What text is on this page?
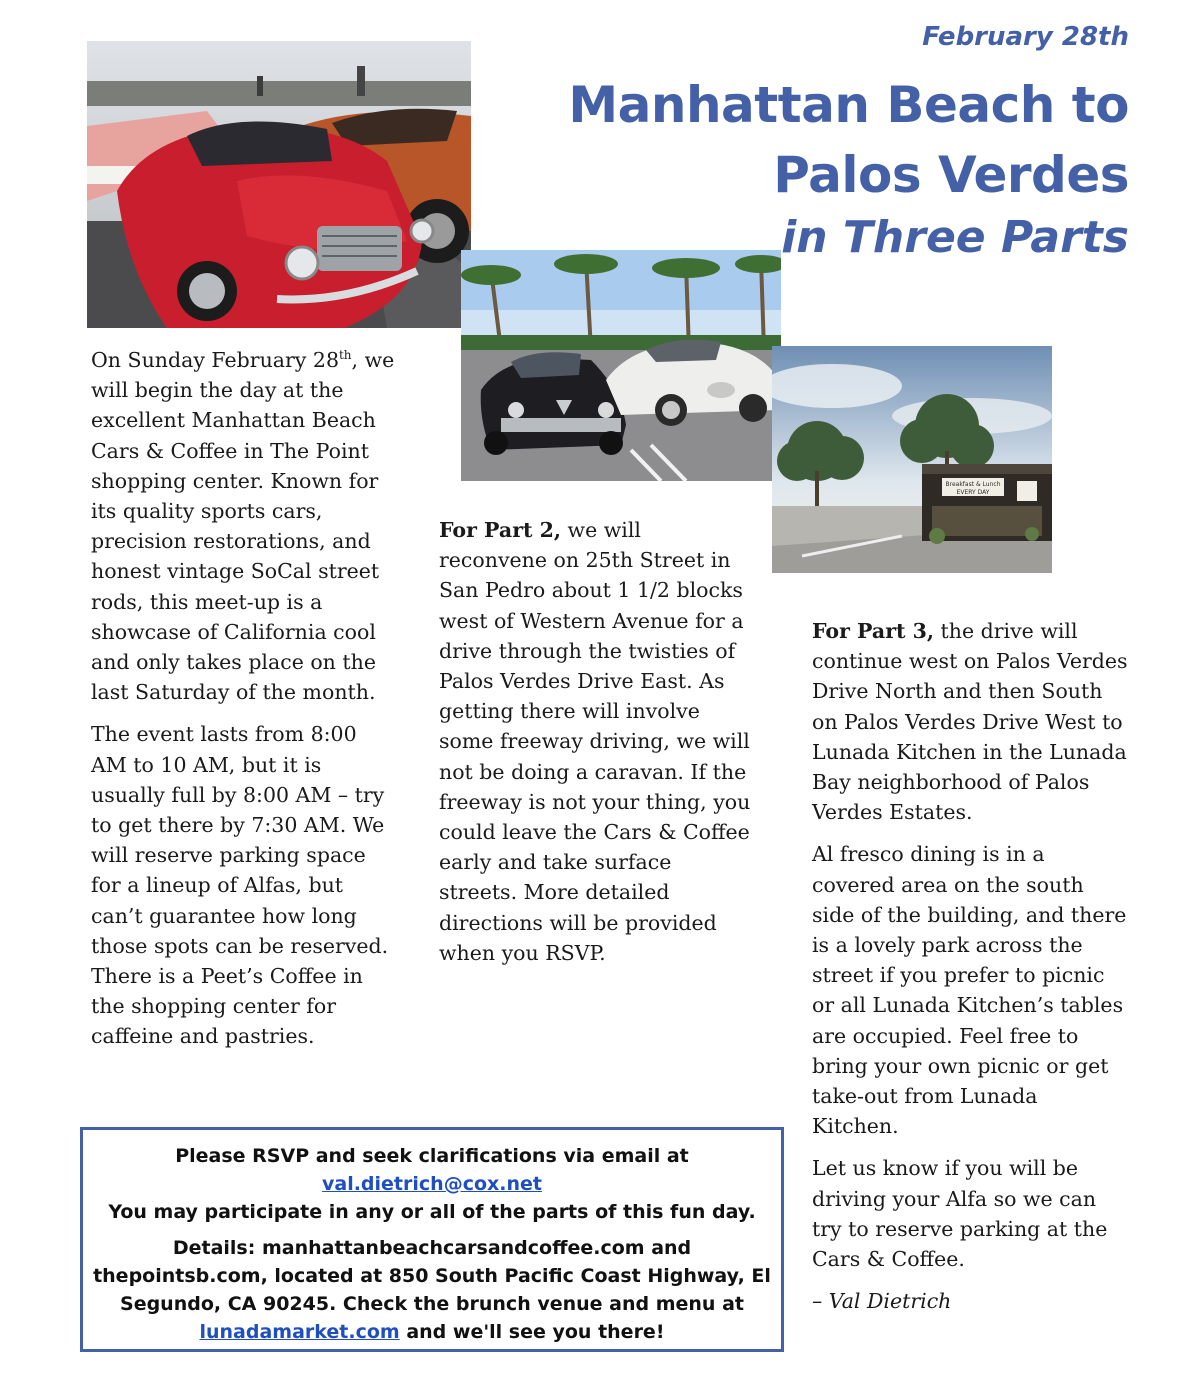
February 28th
Manhattan Beach to
Palos Verdes
in Three Parts
Breakfast & Lunch
EVERY DAY

On Sunday February 28th, we will begin the day at the excellent Manhattan Beach Cars & Coffee in The Point shopping center. Known for its quality sports cars, precision restorations, and honest vintage SoCal street rods, this meet-up is a showcase of California cool and only takes place on the last Saturday of the month.

The event lasts from 8:00 AM to 10 AM, but it is usually full by 8:00 AM – try to get there by 7:30 AM. We will reserve parking space for a lineup of Alfas, but can’t guarantee how long those spots can be reserved. There is a Peet’s Coffee in the shopping center for caffeine and pastries.

For Part 2, we will reconvene on 25th Street in San Pedro about 1 1/2 blocks west of Western Avenue for a drive through the twisties of Palos Verdes Drive East. As getting there will involve some freeway driving, we will not be doing a caravan. If the freeway is not your thing, you could leave the Cars & Coffee early and take surface streets. More detailed directions will be provided when you RSVP.

For Part 3, the drive will continue west on Palos Verdes Drive North and then South on Palos Verdes Drive West to Lunada Kitchen in the Lunada Bay neighborhood of Palos Verdes Estates.

Al fresco dining is in a covered area on the south side of the building, and there is a lovely park across the street if you prefer to picnic or all Lunada Kitchen’s tables are occupied. Feel free to bring your own picnic or get take-out from Lunada Kitchen.

Let us know if you will be driving your Alfa so we can try to reserve parking at the Cars & Coffee.

– Val Dietrich

Please RSVP and seek clarifications via email at
val.dietrich@cox.net
You may participate in any or all of the parts of this fun day.
Details: manhattanbeachcarsandcoffee.com and thepointsb.com, located at 850 South Pacific Coast Highway, El Segundo, CA 90245. Check the brunch venue and menu at lunadamarket.com and we'll see you there!
